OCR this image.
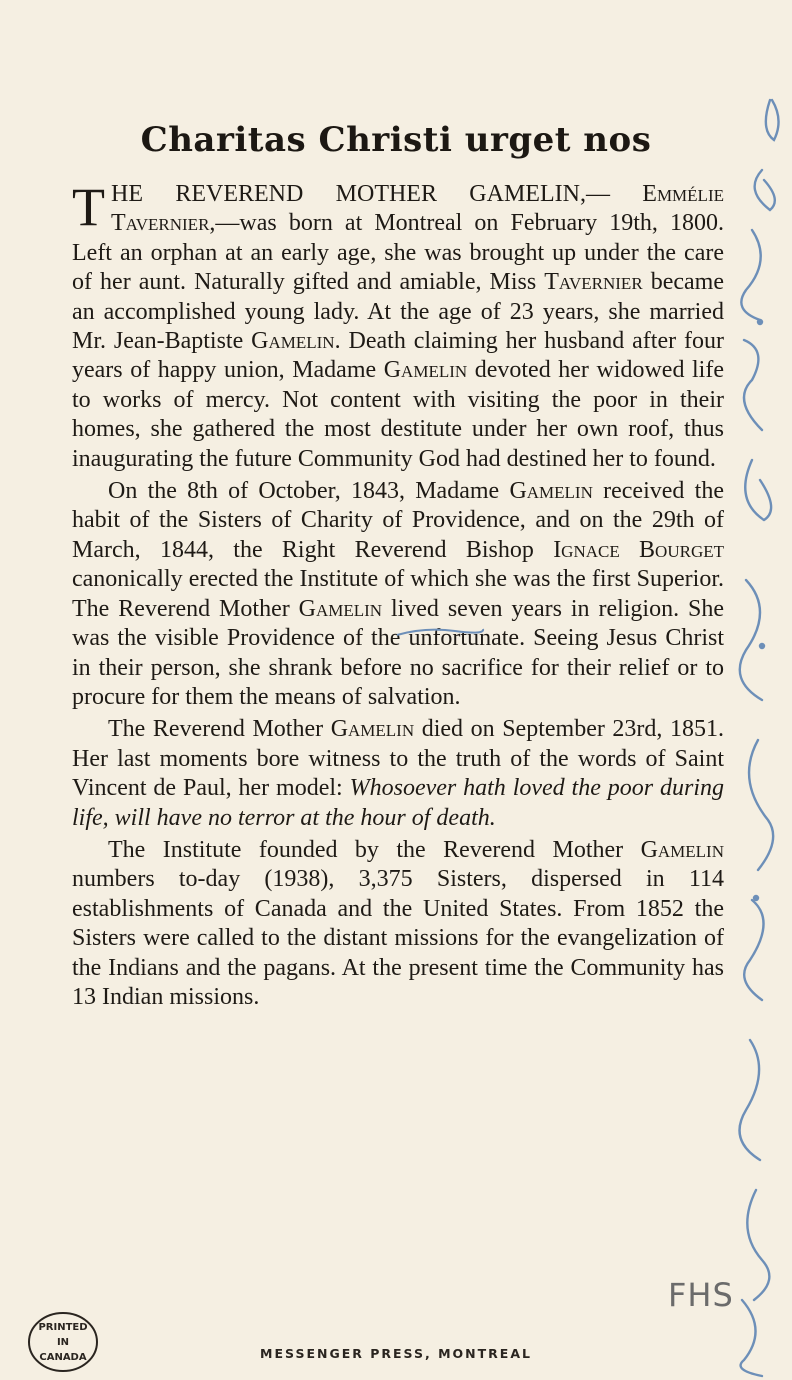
Charitas Christi urget nos

THE REVEREND MOTHER GAMELIN,— Emmélie Tavernier,—was born at Montreal on February 19th, 1800. Left an orphan at an early age, she was brought up under the care of her aunt. Naturally gifted and amiable, Miss Tavernier became an accomplished young lady. At the age of 23 years, she married Mr. Jean-Baptiste Gamelin. Death claiming her husband after four years of happy union, Madame Gamelin devoted her widowed life to works of mercy. Not content with visiting the poor in their homes, she gathered the most destitute under her own roof, thus inaugurating the future Community God had destined her to found.

On the 8th of October, 1843, Madame Gamelin received the habit of the Sisters of Charity of Providence, and on the 29th of March, 1844, the Right Reverend Bishop Ignace Bourget canonically erected the Institute of which she was the first Superior. The Reverend Mother Gamelin lived seven years in religion. She was the visible Providence of the unfortunate. Seeing Jesus Christ in their person, she shrank before no sacrifice for their relief or to procure for them the means of salvation.

The Reverend Mother Gamelin died on September 23rd, 1851. Her last moments bore witness to the truth of the words of Saint Vincent de Paul, her model: Whosoever hath loved the poor during life, will have no terror at the hour of death.

The Institute founded by the Reverend Mother Gamelin numbers to-day (1938), 3,375 Sisters, dispersed in 114 establishments of Canada and the United States. From 1852 the Sisters were called to the distant missions for the evangelization of the Indians and the pagans. At the present time the Community has 13 Indian missions.

FHS
PRINTED
IN
CANADA	MESSENGER PRESS, MONTREAL
